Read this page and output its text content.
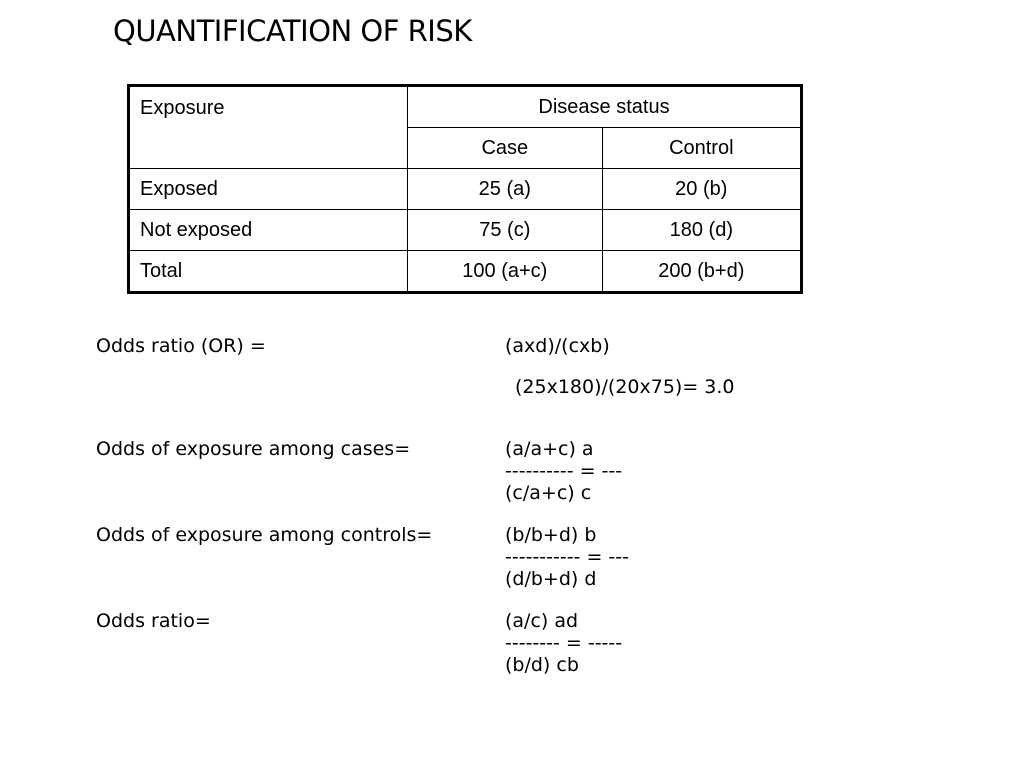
QUANTIFICATION OF RISK
Exposure	Disease status	
	Case	Control
Exposed	25 (a)	20 (b)
Not exposed	75 (c)	180 (d)
Total	100 (a+c)	200 (b+d)
Odds ratio (OR) =	(axd)/(cxb)
(25x180)/(20x75)= 3.0
Odds of exposure among cases=	(a/a+c) a
---------- = ---
(c/a+c) c
Odds of exposure among controls=	(b/b+d) b
----------- = ---
(d/b+d) d
Odds ratio=	(a/c) ad
-------- = -----
(b/d) cb
